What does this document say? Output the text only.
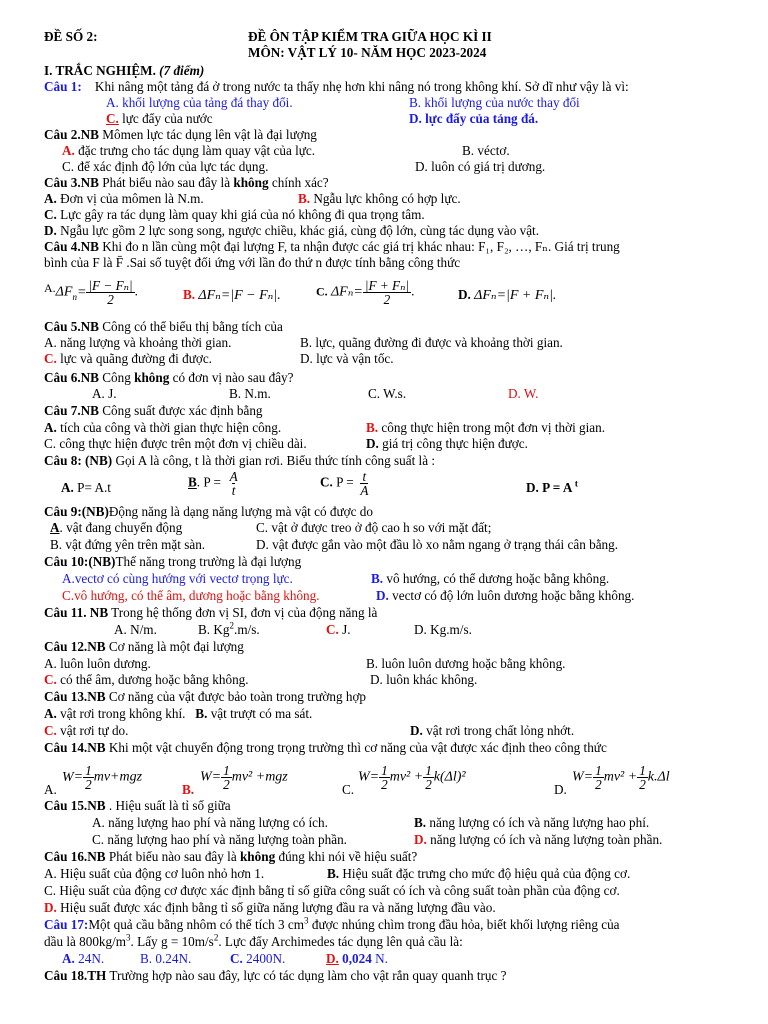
ĐỀ SỐ 2:	ĐỀ ÔN TẬP KIỂM TRA GIỮA HỌC KÌ II
MÔN: VẬT LÝ 10- NĂM HỌC 2023-2024
I. TRẮC NGHIỆM. (7 điểm)
Câu 1: Khi nâng một tảng đá ở trong nước ta thấy nhẹ hơn khi nâng nó trong không khí. Sở dĩ như vậy là vì:
A. khối lượng của tảng đá thay đổi.	B. khối lượng của nước thay đổi
C. lực đẩy của nước	D. lực đẩy của tảng đá.
Câu 2.NB Mômen lực tác dụng lên vật là đại lượng
A. đặc trưng cho tác dụng làm quay vật của lực.	B. véctơ.
C. để xác định độ lớn của lực tác dụng.	D. luôn có giá trị dương.
Câu 3.NB Phát biểu nào sau đây là không chính xác?
A. Đơn vị của mômen là N.m.	B. Ngẫu lực không có hợp lực.
C. Lực gây ra tác dụng làm quay khi giá của nó không đi qua trọng tâm.
D. Ngẫu lực gồm 2 lực song song, ngược chiều, khác giá, cùng độ lớn, cùng tác dụng vào vật.
Câu 4.NB Khi đo n lần cùng một đại lượng F, ta nhận được các giá trị khác nhau: F₁, F₂, …, Fₙ. Giá trị trung
bình của F là F̄ .Sai số tuyệt đối ứng với lần đo thứ n được tính bằng công thức
$A.\Delta F_n= \frac{\text{|F − Fₙ|}}{2}$ .	B. ΔFₙ=|F − Fₙ|.	C. $\Delta F_n= \frac{\text{|F + Fₙ|}}{2}$ .	D. ΔFₙ=|F + Fₙ|.
Câu 5.NB Công có thể biểu thị bằng tích của
A. năng lượng và khoảng thời gian.	B. lực, quãng đường đi được và khoảng thời gian.
C. lực và quãng đường đi được.	D. lực và vận tốc.
Câu 6.NB Công không có đơn vị nào sau đây?
A. J.	B. N.m.	C. W.s.	D. W.
Câu 7.NB Công suất được xác định bằng
A. tích của công và thời gian thực hiện công.	B. công thực hiện trong một đơn vị thời gian.
C. công thực hiện được trên một đơn vị chiều dài.	D. giá trị công thực hiện được.
Câu 8: (NB) Gọi A là công, t là thời gian rơi. Biểu thức tính công suất là :
A. P= A.t	B. $P = \frac{A}{t}$	C. $P = \frac{t}{A}$	D. P = A $^t$
Câu 9:(NB)Động năng là dạng năng lượng mà vật có được do
A. vật đang chuyển động	C. vật ở được treo ở độ cao h so với mặt đất;
B. vật đứng yên trên mặt sàn.	D. vật được gắn vào một đầu lò xo nằm ngang ở trạng thái cân bằng.
Câu 10:(NB)Thế năng trong trường là đại lượng
A.vectơ có cùng hướng với vectơ trọng lực.	B. vô hướng, có thể dương hoặc bằng không.
C.vô hướng, có thể âm, dương hoặc bằng không.	D. vectơ có độ lớn luôn dương hoặc bằng không.
Câu 11. NB Trong hệ thống đơn vị SI, đơn vị của động năng là
A. N/m.	B. Kg$^2$.m/s.	C. J.	D. Kg.m/s.
Câu 12.NB Cơ năng là một đại lượng
A. luôn luôn dương.	B. luôn luôn dương hoặc bằng không.
C. có thể âm, dương hoặc bằng không.	D. luôn khác không.
Câu 13.NB Cơ năng của vật được bảo toàn trong trường hợp
A. vật rơi trong không khí. B. vật trượt có ma sát.
C. vật rơi tự do.	D. vật rơi trong chất lỏng nhớt.
Câu 14.NB Khi một vật chuyển động trong trọng trường thì cơ năng của vật được xác định theo công thức
$W= \frac{1}{2} mv+mgz$
A.
$W= \frac{1}{2} mv^2 +mgz$
B.
$W= \frac{1}{2} mv^2 + \frac{1}{2} k(\Delta l)^2$
C.
$W= \frac{1}{2} mv^2 + \frac{1}{2} k.\Delta l$
D.
Câu 15.NB . Hiệu suất là tỉ số giữa
A. năng lượng hao phí và năng lượng có ích.	B. năng lượng có ích và năng lượng hao phí.
C. năng lượng hao phí và năng lượng toàn phần.	D. năng lượng có ích và năng lượng toàn phần.
Câu 16.NB Phát biểu nào sau đây là không đúng khi nói về hiệu suất?
A. Hiệu suất của động cơ luôn nhỏ hơn 1.	B. Hiệu suất đặc trưng cho mức độ hiệu quả của động cơ.
C. Hiệu suất của động cơ được xác định bằng tỉ số giữa công suất có ích và công suất toàn phần của động cơ.
D. Hiệu suất được xác định bằng tỉ số giữa năng lượng đầu ra và năng lượng đầu vào.
Câu 17:Một quả cầu bằng nhôm có thể tích 3 $cm^3$ được nhúng chìm trong đầu hỏa, biết khối lượng riêng của
dầu là $800kg/m^3$. Lấy $g = 10m/s^2$. Lực đẩy Archimedes tác dụng lên quả cầu là:
A. 24N.	B. 0.24N.	C. 2400N.	D. 0,024 N.
Câu 18.TH Trường hợp nào sau đây, lực có tác dụng làm cho vật rắn quay quanh trục ?
